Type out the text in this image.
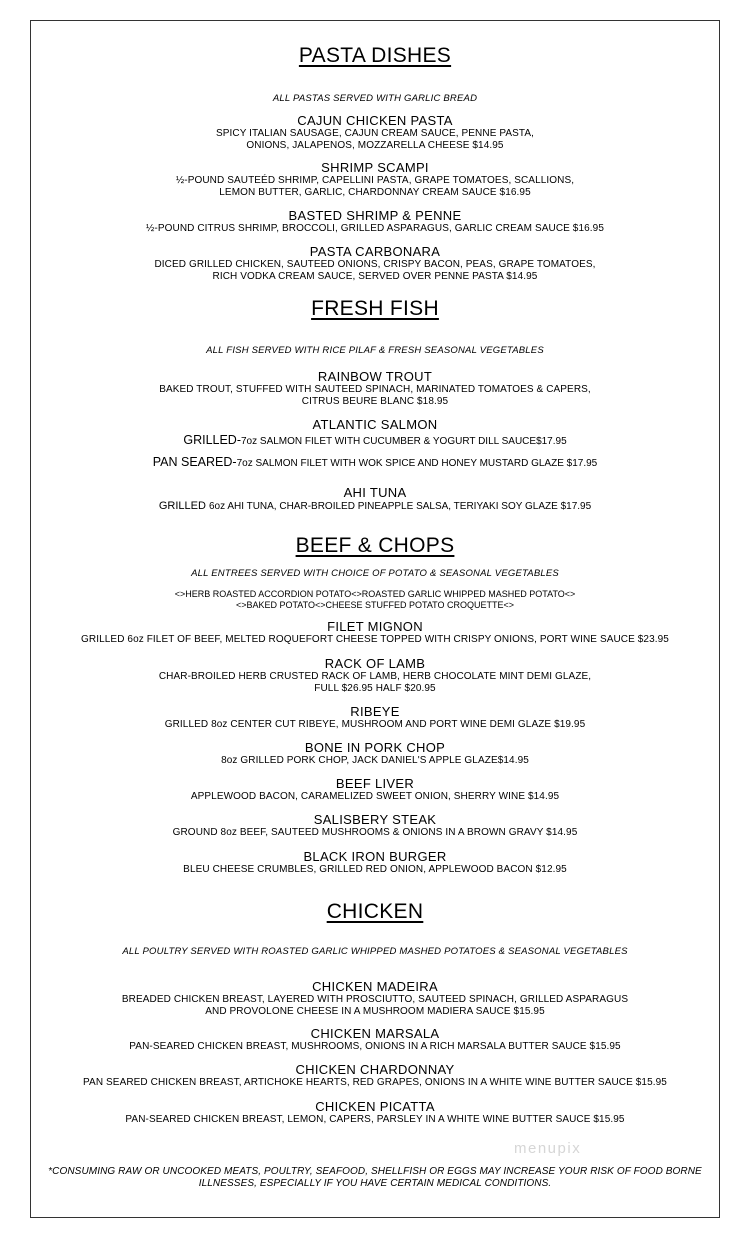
PASTA DISHES
ALL PASTAS SERVED WITH GARLIC BREAD
CAJUN CHICKEN PASTA
SPICY ITALIAN SAUSAGE, CAJUN CREAM SAUCE, PENNE PASTA,
ONIONS, JALAPENOS, MOZZARELLA CHEESE $14.95
SHRIMP SCAMPI
½-POUND SAUTEÉD SHRIMP, CAPELLINI PASTA, GRAPE TOMATOES, SCALLIONS,
LEMON BUTTER, GARLIC, CHARDONNAY CREAM SAUCE $16.95
BASTED SHRIMP & PENNE
½-POUND CITRUS SHRIMP, BROCCOLI, GRILLED ASPARAGUS, GARLIC CREAM SAUCE $16.95
PASTA CARBONARA
DICED GRILLED CHICKEN, SAUTEED ONIONS, CRISPY BACON, PEAS, GRAPE TOMATOES,
RICH VODKA CREAM SAUCE, SERVED OVER PENNE PASTA $14.95
FRESH FISH
ALL FISH SERVED WITH RICE PILAF & FRESH SEASONAL VEGETABLES
RAINBOW TROUT
BAKED TROUT, STUFFED WITH SAUTEED SPINACH, MARINATED TOMATOES & CAPERS,
CITRUS BEURE BLANC $18.95
ATLANTIC SALMON
GRILLED-7oz SALMON FILET WITH CUCUMBER & YOGURT DILL SAUCE$17.95
PAN SEARED-7oz SALMON FILET WITH WOK SPICE AND HONEY MUSTARD GLAZE $17.95
AHI TUNA
GRILLED 6oz AHI TUNA, CHAR-BROILED PINEAPPLE SALSA, TERIYAKI SOY GLAZE $17.95
BEEF & CHOPS
ALL ENTREES SERVED WITH CHOICE OF POTATO & SEASONAL VEGETABLES
<>HERB ROASTED ACCORDION POTATO<>ROASTED GARLIC WHIPPED MASHED POTATO<>
<>BAKED POTATO<>CHEESE STUFFED POTATO CROQUETTE<>
FILET MIGNON
GRILLED 6oz FILET OF BEEF, MELTED ROQUEFORT CHEESE TOPPED WITH CRISPY ONIONS, PORT WINE SAUCE $23.95
RACK OF LAMB
CHAR-BROILED HERB CRUSTED RACK OF LAMB, HERB CHOCOLATE MINT DEMI GLAZE,
FULL $26.95 HALF $20.95
RIBEYE
GRILLED 8oz CENTER CUT RIBEYE, MUSHROOM AND PORT WINE DEMI GLAZE $19.95
BONE IN PORK CHOP
8oz GRILLED PORK CHOP, JACK DANIEL'S APPLE GLAZE$14.95
BEEF LIVER
APPLEWOOD BACON, CARAMELIZED SWEET ONION, SHERRY WINE $14.95
SALISBERY STEAK
GROUND 8oz BEEF, SAUTEED MUSHROOMS & ONIONS IN A BROWN GRAVY $14.95
BLACK IRON BURGER
BLEU CHEESE CRUMBLES, GRILLED RED ONION, APPLEWOOD BACON $12.95
CHICKEN
ALL POULTRY SERVED WITH ROASTED GARLIC WHIPPED MASHED POTATOES & SEASONAL VEGETABLES
CHICKEN MADEIRA
BREADED CHICKEN BREAST, LAYERED WITH PROSCIUTTO, SAUTEED SPINACH, GRILLED ASPARAGUS
AND PROVOLONE CHEESE IN A MUSHROOM MADIERA SAUCE $15.95
CHICKEN MARSALA
PAN-SEARED CHICKEN BREAST, MUSHROOMS, ONIONS IN A RICH MARSALA BUTTER SAUCE $15.95
CHICKEN CHARDONNAY
PAN SEARED CHICKEN BREAST, ARTICHOKE HEARTS, RED GRAPES, ONIONS IN A WHITE WINE BUTTER SAUCE $15.95
CHICKEN PICATTA
PAN-SEARED CHICKEN BREAST, LEMON, CAPERS, PARSLEY IN A WHITE WINE BUTTER SAUCE $15.95
menupix
*CONSUMING RAW OR UNCOOKED MEATS, POULTRY, SEAFOOD, SHELLFISH OR EGGS MAY INCREASE YOUR RISK OF FOOD BORNE ILLNESSES, ESPECIALLY IF YOU HAVE CERTAIN MEDICAL CONDITIONS.
